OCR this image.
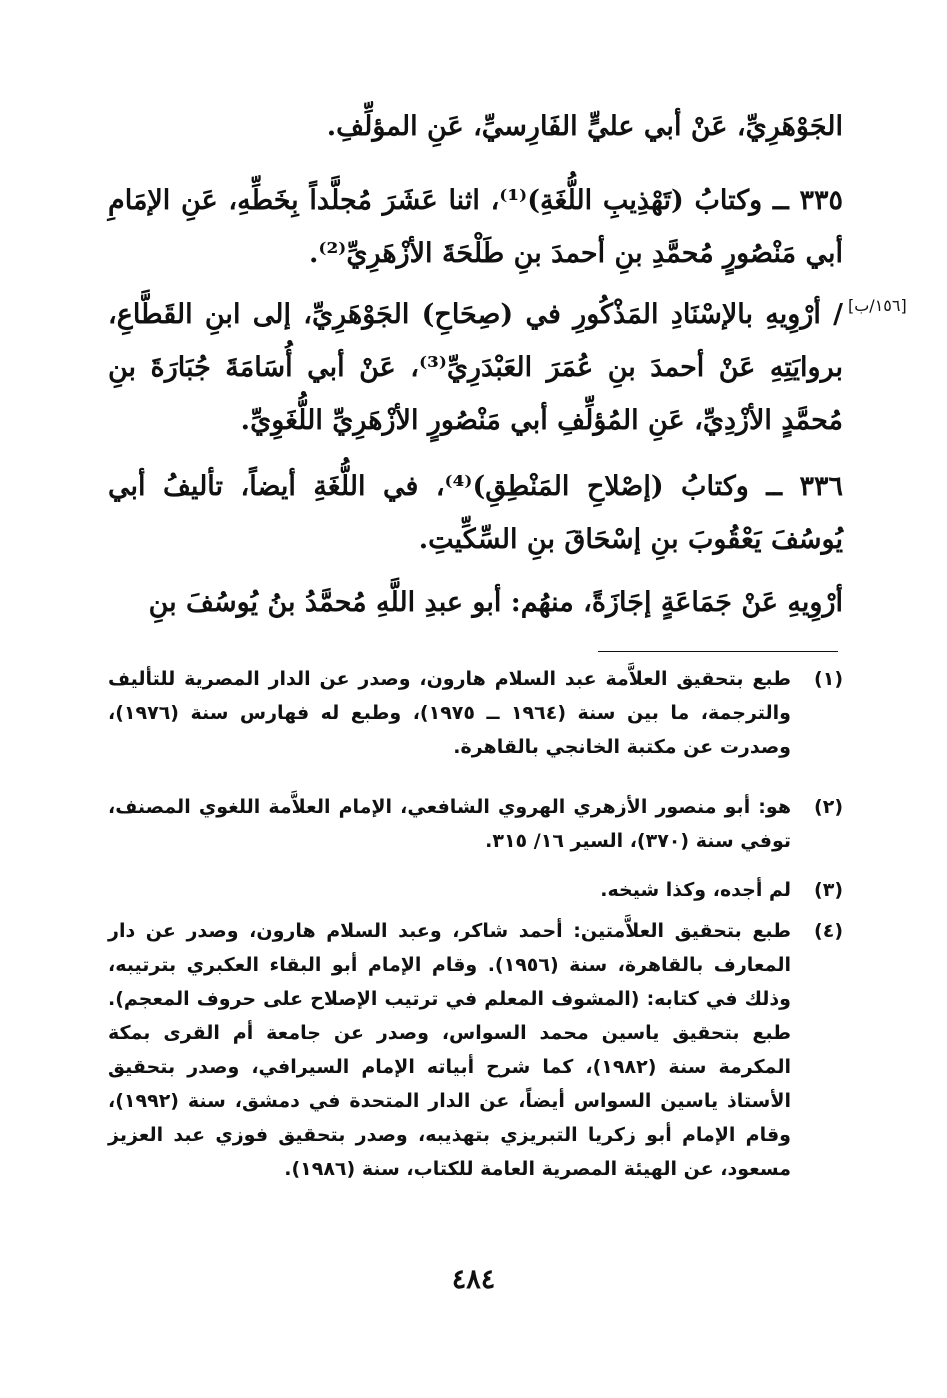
الجَوْهَرِيِّ، عَنْ أبي عليٍّ الفَارِسيِّ، عَنِ المؤلِّفِ.
٣٣٥ ــ وكتابُ (تَهْذِيبِ اللُّغَةِ)⁽¹⁾، اثنا عَشَرَ مُجلَّداً بِخَطِّهِ، عَنِ الإمَامِ أبي مَنْصُورٍ مُحمَّدِ بنِ أحمدَ بنِ طَلْحَةَ الأزْهَرِيِّ⁽²⁾.
/ أرْوِيهِ بالإسْنَادِ المَذْكُورِ في (صِحَاحِ) الجَوْهَرِيِّ، إلى ابنِ القَطَّاعِ، بروايَتِهِ عَنْ أحمدَ بنِ عُمَرَ العَبْدَرِيِّ⁽³⁾، عَنْ أبي أُسَامَةَ جُبَارَةَ بنِ مُحمَّدٍ الأزْدِيِّ، عَنِ المُؤلِّفِ أبي مَنْصُورٍ الأزْهَرِيِّ اللُّغَوِيِّ.
٣٣٦ ــ وكتابُ (إصْلاحِ المَنْطِقِ)⁽⁴⁾، في اللُّغَةِ أيضاً، تأليفُ أبي يُوسُفَ يَعْقُوبَ بنِ إسْحَاقَ بنِ السِّكِّيتِ.
أرْوِيهِ عَنْ جَمَاعَةٍ إجَازَةً، منهُم: أبو عبدِ اللَّهِ مُحمَّدُ بنُ يُوسُفَ بنِ
[١٥٦/ب]
(١)
طبع بتحقيق العلاَّمة عبد السلام هارون، وصدر عن الدار المصرية للتأليف والترجمة، ما بين سنة (١٩٦٤ ــ ١٩٧٥)، وطبع له فهارس سنة (١٩٧٦)، وصدرت عن مكتبة الخانجي بالقاهرة.
(٢)
هو: أبو منصور الأزهري الهروي الشافعي، الإمام العلاَّمة اللغوي المصنف، توفي سنة (٣٧٠)، السير ١٦/ ٣١٥.
(٣)
لم أجده، وكذا شيخه.
(٤)
طبع بتحقيق العلاَّمتين: أحمد شاكر، وعبد السلام هارون، وصدر عن دار المعارف بالقاهرة، سنة (١٩٥٦). وقام الإمام أبو البقاء العكبري بترتيبه، وذلك في كتابه: (المشوف المعلم في ترتيب الإصلاح على حروف المعجم). طبع بتحقيق ياسين محمد السواس، وصدر عن جامعة أم القرى بمكة المكرمة سنة (١٩٨٢)، كما شرح أبياته الإمام السيرافي، وصدر بتحقيق الأستاذ ياسين السواس أيضاً، عن الدار المتحدة في دمشق، سنة (١٩٩٢)، وقام الإمام أبو زكريا التبريزي بتهذيبه، وصدر بتحقيق فوزي عبد العزيز مسعود، عن الهيئة المصرية العامة للكتاب، سنة (١٩٨٦).
٤٨٤
